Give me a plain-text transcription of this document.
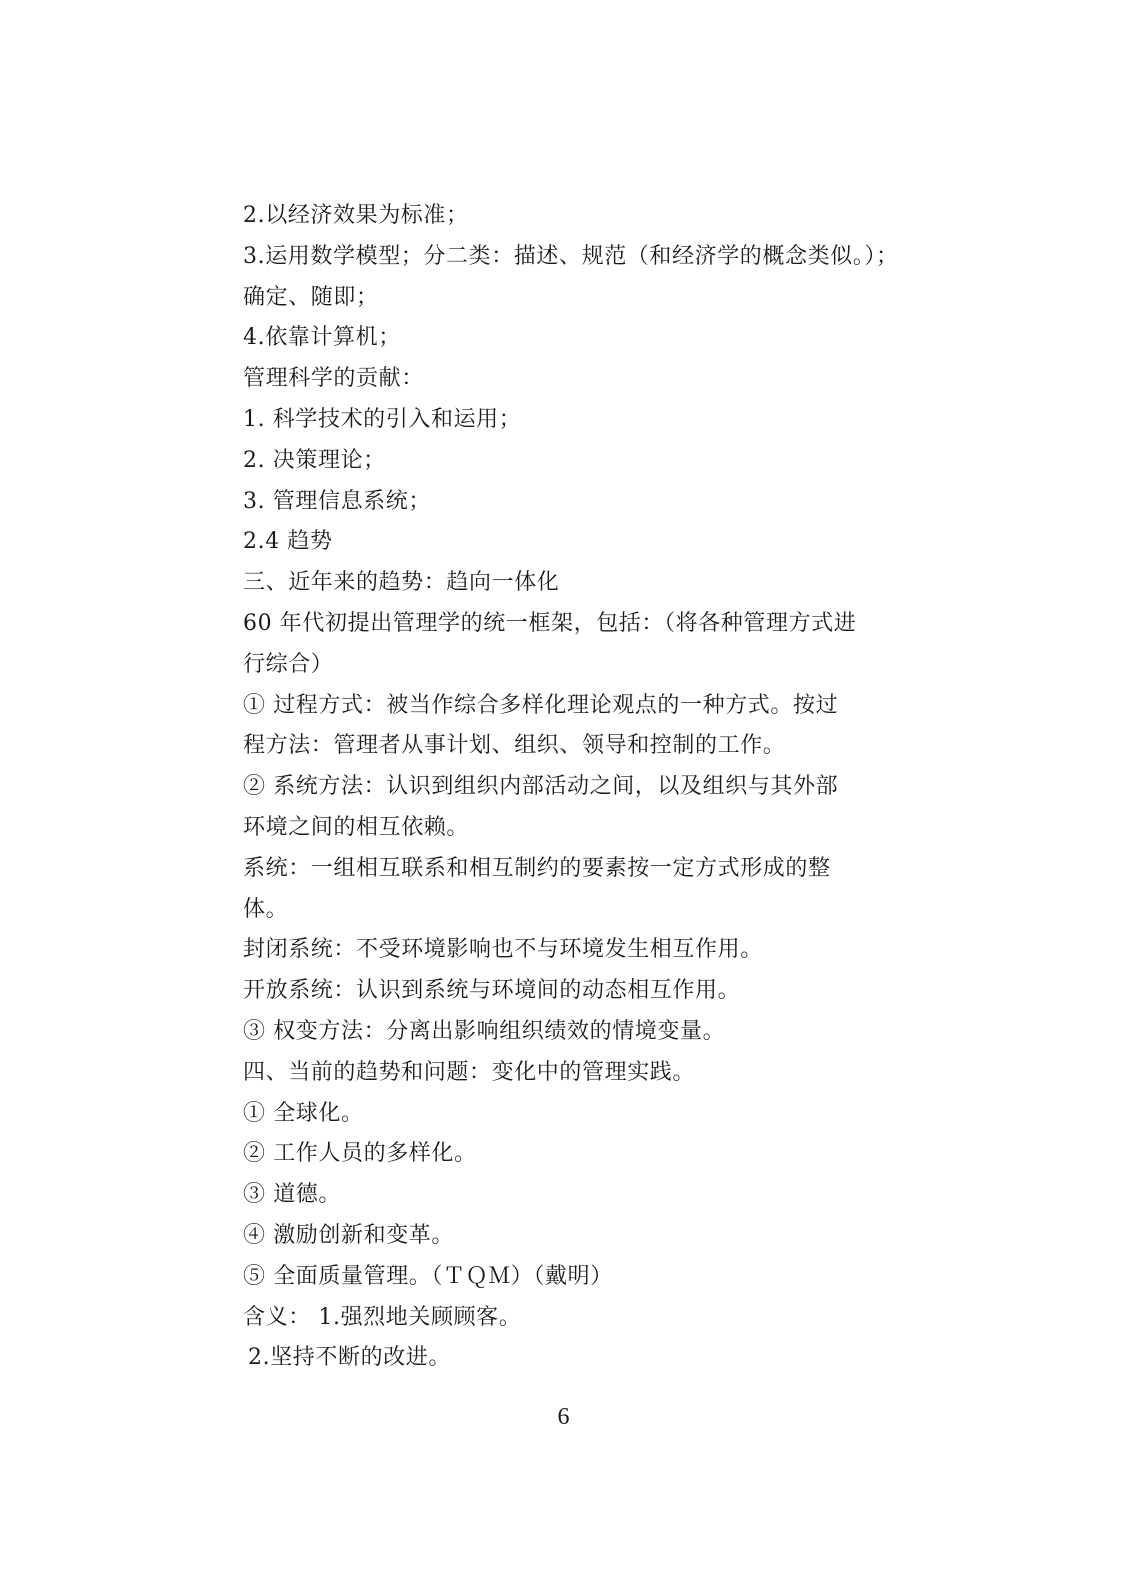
2.以经济效果为标准；
3.运用数学模型；分二类：描述、规范（和经济学的概念类似。）；
确定、随即；
4.依靠计算机；
管理科学的贡献：
1. 科学技术的引入和运用；
2. 决策理论；
3. 管理信息系统；
2.4 趋势
三、近年来的趋势：趋向一体化
60 年代初提出管理学的统一框架，包括：（将各种管理方式进
行综合）
① 过程方式：被当作综合多样化理论观点的一种方式。按过
程方法：管理者从事计划、组织、领导和控制的工作。
② 系统方法：认识到组织内部活动之间，以及组织与其外部
环境之间的相互依赖。
系统：一组相互联系和相互制约的要素按一定方式形成的整
体。
封闭系统：不受环境影响也不与环境发生相互作用。
开放系统：认识到系统与环境间的动态相互作用。
③ 权变方法：分离出影响组织绩效的情境变量。
四、当前的趋势和问题：变化中的管理实践。
① 全球化。
② 工作人员的多样化。
③ 道德。
④ 激励创新和变革。
⑤ 全面质量管理。（ＴＱＭ）（戴明）
含义： 1.强烈地关顾顾客。
2.坚持不断的改进。
6
